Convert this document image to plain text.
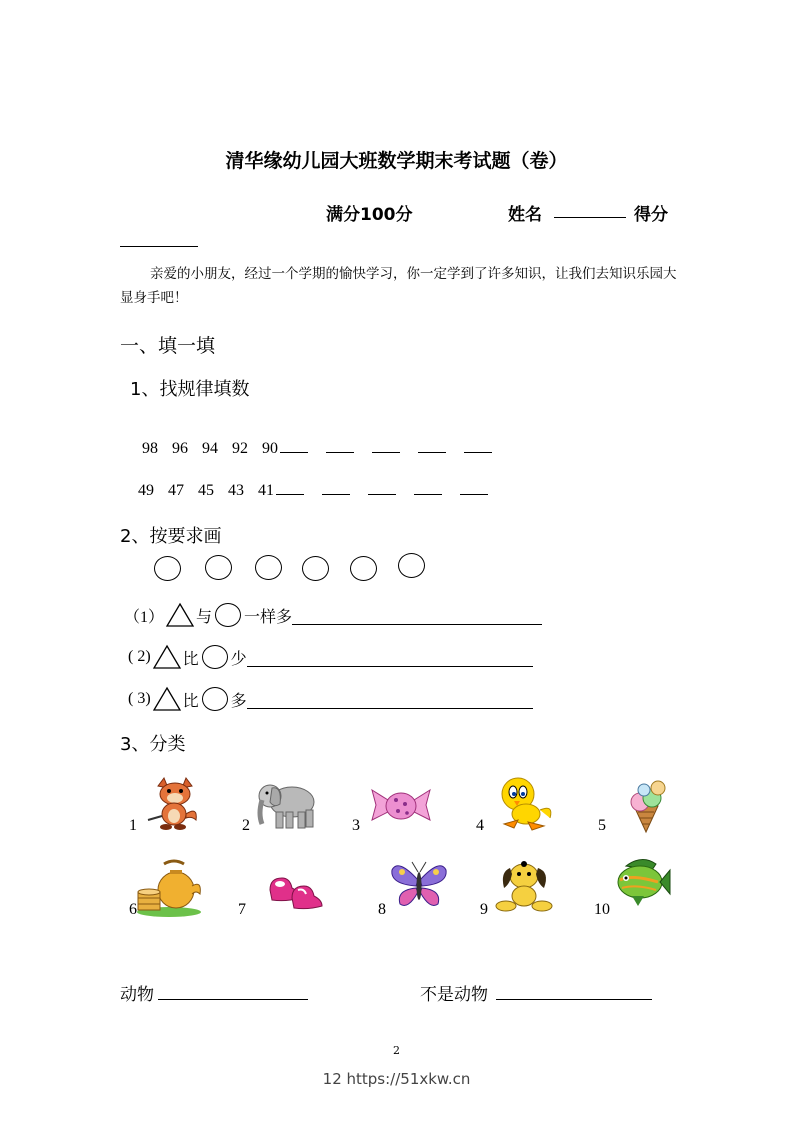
清华缘幼儿园大班数学期末考试题（卷）
满分100分	姓名	得分
亲爱的小朋友，经过一个学期的愉快学习，你一定学到了许多知识，让我们去知识乐园大显身手吧！
一、填一填
1、找规律填数
98 96 94 92 90
49 47 45 43 41
2、按要求画
（1） 与 一样多
( 2) 比 少
( 3) 比 多
3、分类
1	2	3	4	5
6	7	8	9	10
动物	不是动物
2
12 https://51xkw.cn
